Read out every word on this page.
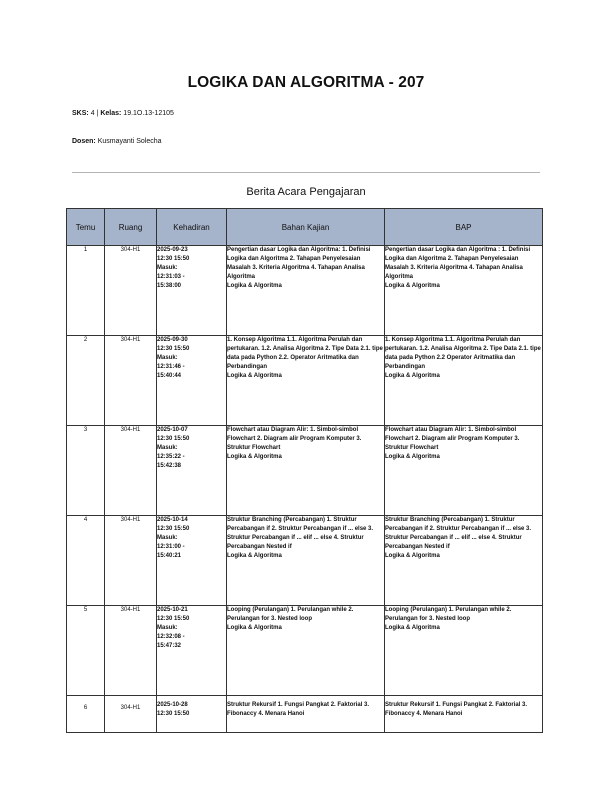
LOGIKA DAN ALGORITMA - 207
SKS: 4 | Kelas: 19.1O.13-12105
Dosen: Kusmayanti Solecha
Berita Acara Pengajaran
Temu	Ruang	Kehadiran	Bahan Kajian	BAP
1	304-H1	2025-09-23
12:30 15:50
Masuk:
12:31:03 -
15:38:00	Pengertian dasar Logika dan Algoritma: 1. Definisi Logika dan Algoritma 2. Tahapan Penyelesaian Masalah 3. Kriteria Algoritma 4. Tahapan Analisa Algoritma
Logika & Algoritma	Pengertian dasar Logika dan Algoritma : 1. Definisi Logika dan Algoritma 2. Tahapan Penyelesaian Masalah 3. Kriteria Algoritma 4. Tahapan Analisa Algoritma
Logika & Algoritma

2	304-H1	2025-09-30
12:30 15:50
Masuk:
12:31:46 -
15:40:44	1. Konsep Algoritma 1.1. Algoritma Perulah dan pertukaran. 1.2. Analisa Algoritma 2. Tipe Data 2.1. tipe data pada Python 2.2. Operator Aritmatika dan Perbandingan
Logika & Algoritma	1. Konsep Algoritma 1.1. Algoritma Perulah dan pertukaran. 1.2. Analisa Algoritma 2. Tipe Data 2.1. tipe data pada Python 2.2 Operator Aritmatika dan Perbandingan
Logika & Algoritma

3	304-H1	2025-10-07
12:30 15:50
Masuk:
12:35:22 -
15:42:38	Flowchart atau Diagram Alir: 1. Simbol-simbol Flowchart 2. Diagram alir Program Komputer 3. Struktur Flowchart
Logika & Algoritma	Flowchart atau Diagram Alir: 1. Simbol-simbol Flowchart 2. Diagram alir Program Komputer 3. Struktur Flowchart
Logika & Algoritma

4	304-H1	2025-10-14
12:30 15:50
Masuk:
12:31:00 -
15:40:21	Struktur Branching (Percabangan) 1. Struktur Percabangan if 2. Struktur Percabangan if ... else 3. Struktur Percabangan if ... elif ... else 4. Struktur Percabangan Nested if
Logika & Algoritma	Struktur Branching (Percabangan) 1. Struktur Percabangan if 2. Struktur Percabangan if ... else 3. Struktur Percabangan if ... elif ... else 4. Struktur Percabangan Nested if
Logika & Algoritma

5	304-H1	2025-10-21
12:30 15:50
Masuk:
12:32:08 -
15:47:32	Looping (Perulangan) 1. Perulangan while 2. Perulangan for 3. Nested loop
Logika & Algoritma	Looping (Perulangan) 1. Perulangan while 2. Perulangan for 3. Nested loop
Logika & Algoritma

6	304-H1	2025-10-28
12:30 15:50	Struktur Rekursif 1. Fungsi Pangkat 2. Faktorial 3. Fibonaccy 4. Menara Hanoi	Struktur Rekursif 1. Fungsi Pangkat 2. Faktorial 3. Fibonaccy 4. Menara Hanoi
